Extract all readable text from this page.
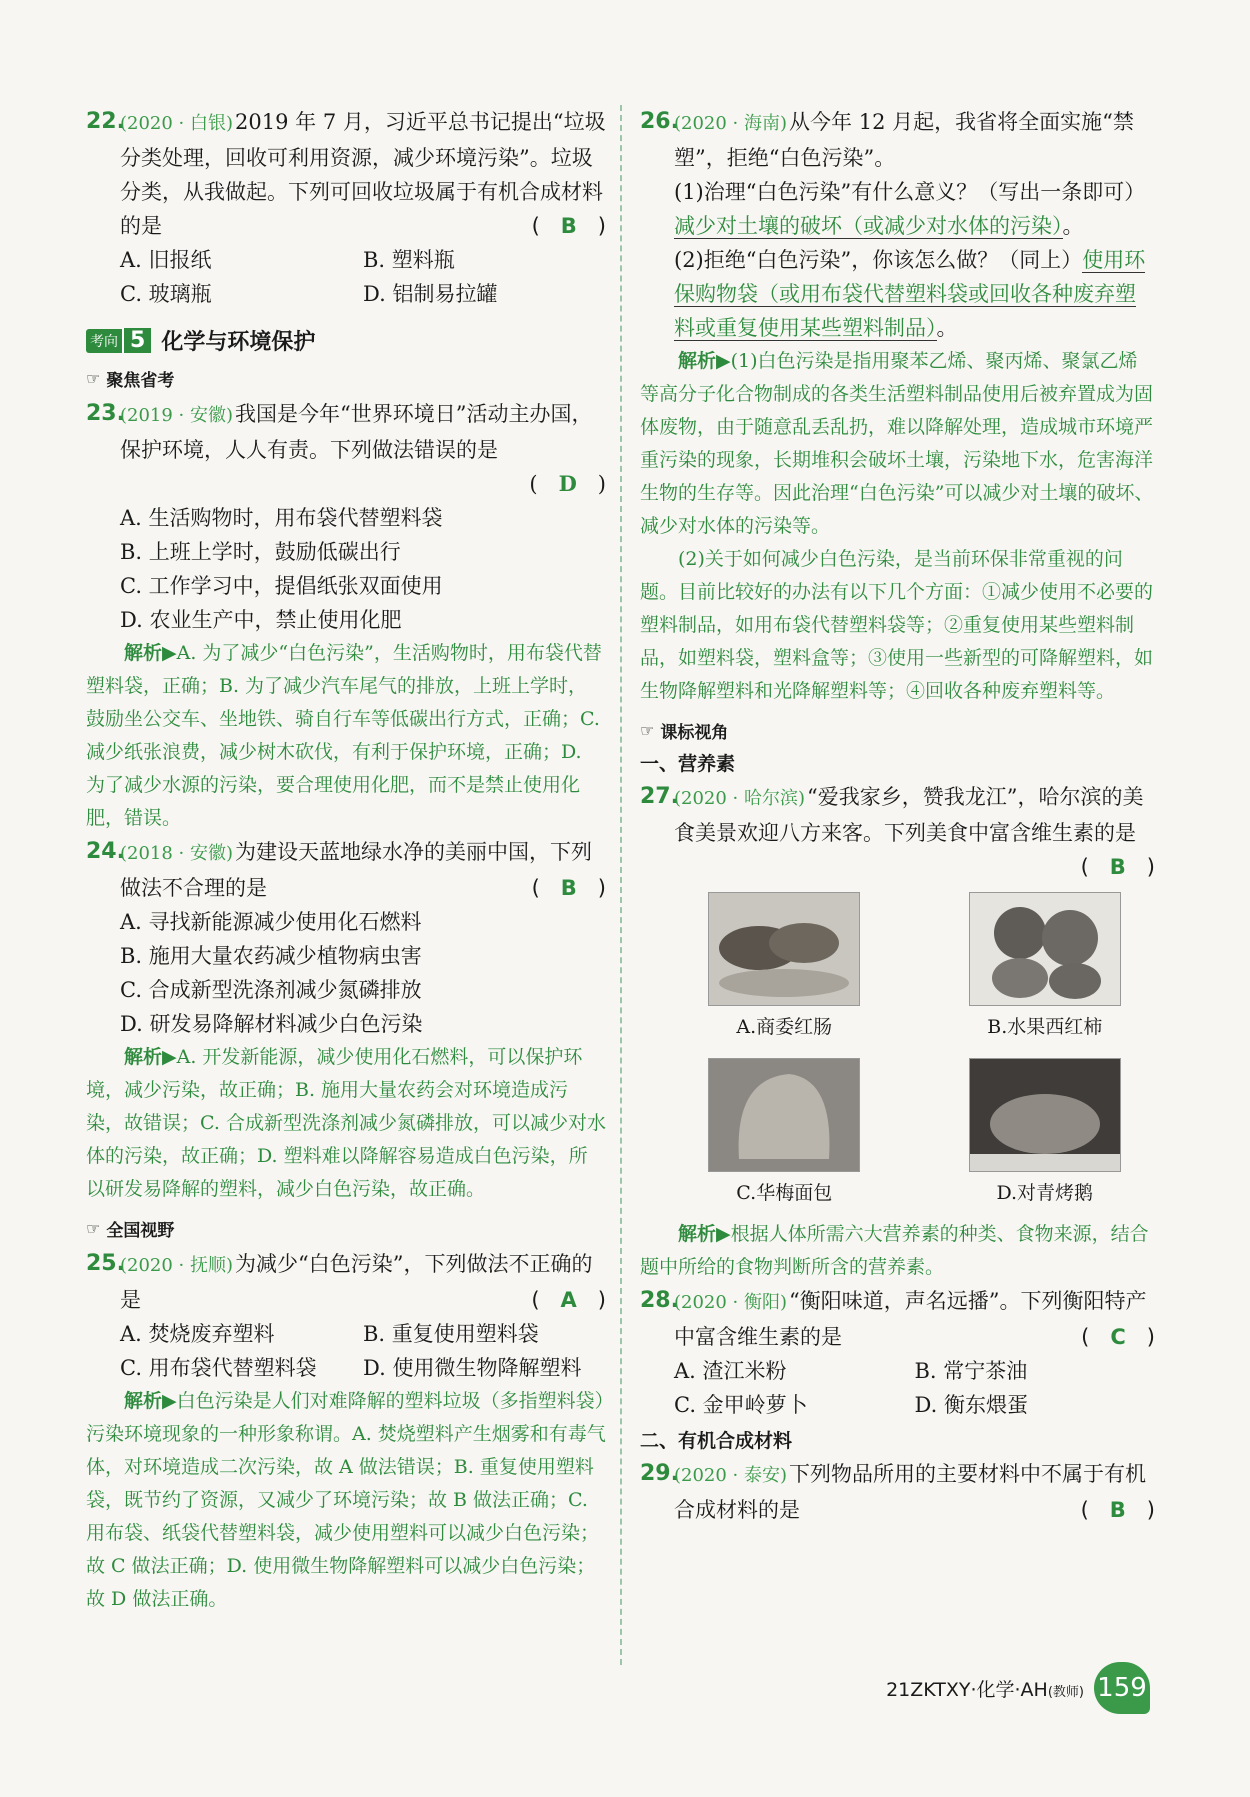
22.
(2020 · 白银)2019 年 7 月，习近平总书记提出“垃圾分类处理，回收可利用资源，减少环境污染”。垃圾分类，从我做起。下列可回收垃圾属于有机合成材料的是	(　B　)
A. 旧报纸	B. 塑料瓶
C. 玻璃瓶	D. 铝制易拉罐
考向 5 化学与环境保护
☞ 聚焦省考
23.
(2019 · 安徽)我国是今年“世界环境日”活动主办国，保护环境，人人有责。下列做法错误的是
(　D　)
A. 生活购物时，用布袋代替塑料袋
B. 上班上学时，鼓励低碳出行
C. 工作学习中，提倡纸张双面使用
D. 农业生产中，禁止使用化肥
解析▶A. 为了减少“白色污染”，生活购物时，用布袋代替塑料袋，正确；B. 为了减少汽车尾气的排放，上班上学时，鼓励坐公交车、坐地铁、骑自行车等低碳出行方式，正确；C. 减少纸张浪费，减少树木砍伐，有利于保护环境，正确；D. 为了减少水源的污染，要合理使用化肥，而不是禁止使用化肥，错误。
24.
(2018 · 安徽)为建设天蓝地绿水净的美丽中国，下列做法不合理的是	(　B　)
A. 寻找新能源减少使用化石燃料
B. 施用大量农药减少植物病虫害
C. 合成新型洗涤剂减少氮磷排放
D. 研发易降解材料减少白色污染
解析▶A. 开发新能源，减少使用化石燃料，可以保护环境，减少污染，故正确；B. 施用大量农药会对环境造成污染，故错误；C. 合成新型洗涤剂减少氮磷排放，可以减少对水体的污染，故正确；D. 塑料难以降解容易造成白色污染，所以研发易降解的塑料，减少白色污染，故正确。
☞ 全国视野
25.
(2020 · 抚顺)为减少“白色污染”，下列做法不正确的是	(　A　)
A. 焚烧废弃塑料	B. 重复使用塑料袋
C. 用布袋代替塑料袋	D. 使用微生物降解塑料
解析▶白色污染是人们对难降解的塑料垃圾（多指塑料袋）污染环境现象的一种形象称谓。A. 焚烧塑料产生烟雾和有毒气体，对环境造成二次污染，故 A 做法错误；B. 重复使用塑料袋，既节约了资源，又减少了环境污染；故 B 做法正确；C. 用布袋、纸袋代替塑料袋，减少使用塑料可以减少白色污染；故 C 做法正确；D. 使用微生物降解塑料可以减少白色污染；故 D 做法正确。
26.
(2020 · 海南)从今年 12 月起，我省将全面实施“禁塑”，拒绝“白色污染”。
(1)治理“白色污染”有什么意义？（写出一条即可）减少对土壤的破坏（或减少对水体的污染）。
(2)拒绝“白色污染”，你该怎么做？（同上）使用环保购物袋（或用布袋代替塑料袋或回收各种废弃塑料或重复使用某些塑料制品）。
解析▶(1)白色污染是指用聚苯乙烯、聚丙烯、聚氯乙烯等高分子化合物制成的各类生活塑料制品使用后被弃置成为固体废物，由于随意乱丢乱扔，难以降解处理，造成城市环境严重污染的现象，长期堆积会破坏土壤，污染地下水，危害海洋生物的生存等。因此治理“白色污染”可以减少对土壤的破坏、减少对水体的污染等。
(2)关于如何减少白色污染，是当前环保非常重视的问题。目前比较好的办法有以下几个方面：①减少使用不必要的塑料制品，如用布袋代替塑料袋等；②重复使用某些塑料制品，如塑料袋，塑料盒等；③使用一些新型的可降解塑料，如生物降解塑料和光降解塑料等；④回收各种废弃塑料等。
☞ 课标视角
一、营养素
27.
(2020 · 哈尔滨)“爱我家乡，赞我龙江”，哈尔滨的美食美景欢迎八方来客。下列美食中富含维生素的是
(　B　)
A.商委红肠	B.水果西红柿
C.华梅面包	D.对青烤鹅
解析▶根据人体所需六大营养素的种类、食物来源，结合题中所给的食物判断所含的营养素。
28.
(2020 · 衡阳)“衡阳味道，声名远播”。下列衡阳特产中富含维生素的是	(　C　)
A. 渣江米粉	B. 常宁茶油
C. 金甲岭萝卜	D. 衡东煨蛋
二、有机合成材料
29.
(2020 · 泰安)下列物品所用的主要材料中不属于有机合成材料的是	(　B　)
21ZKTXY·化学·AH(教师) 159
